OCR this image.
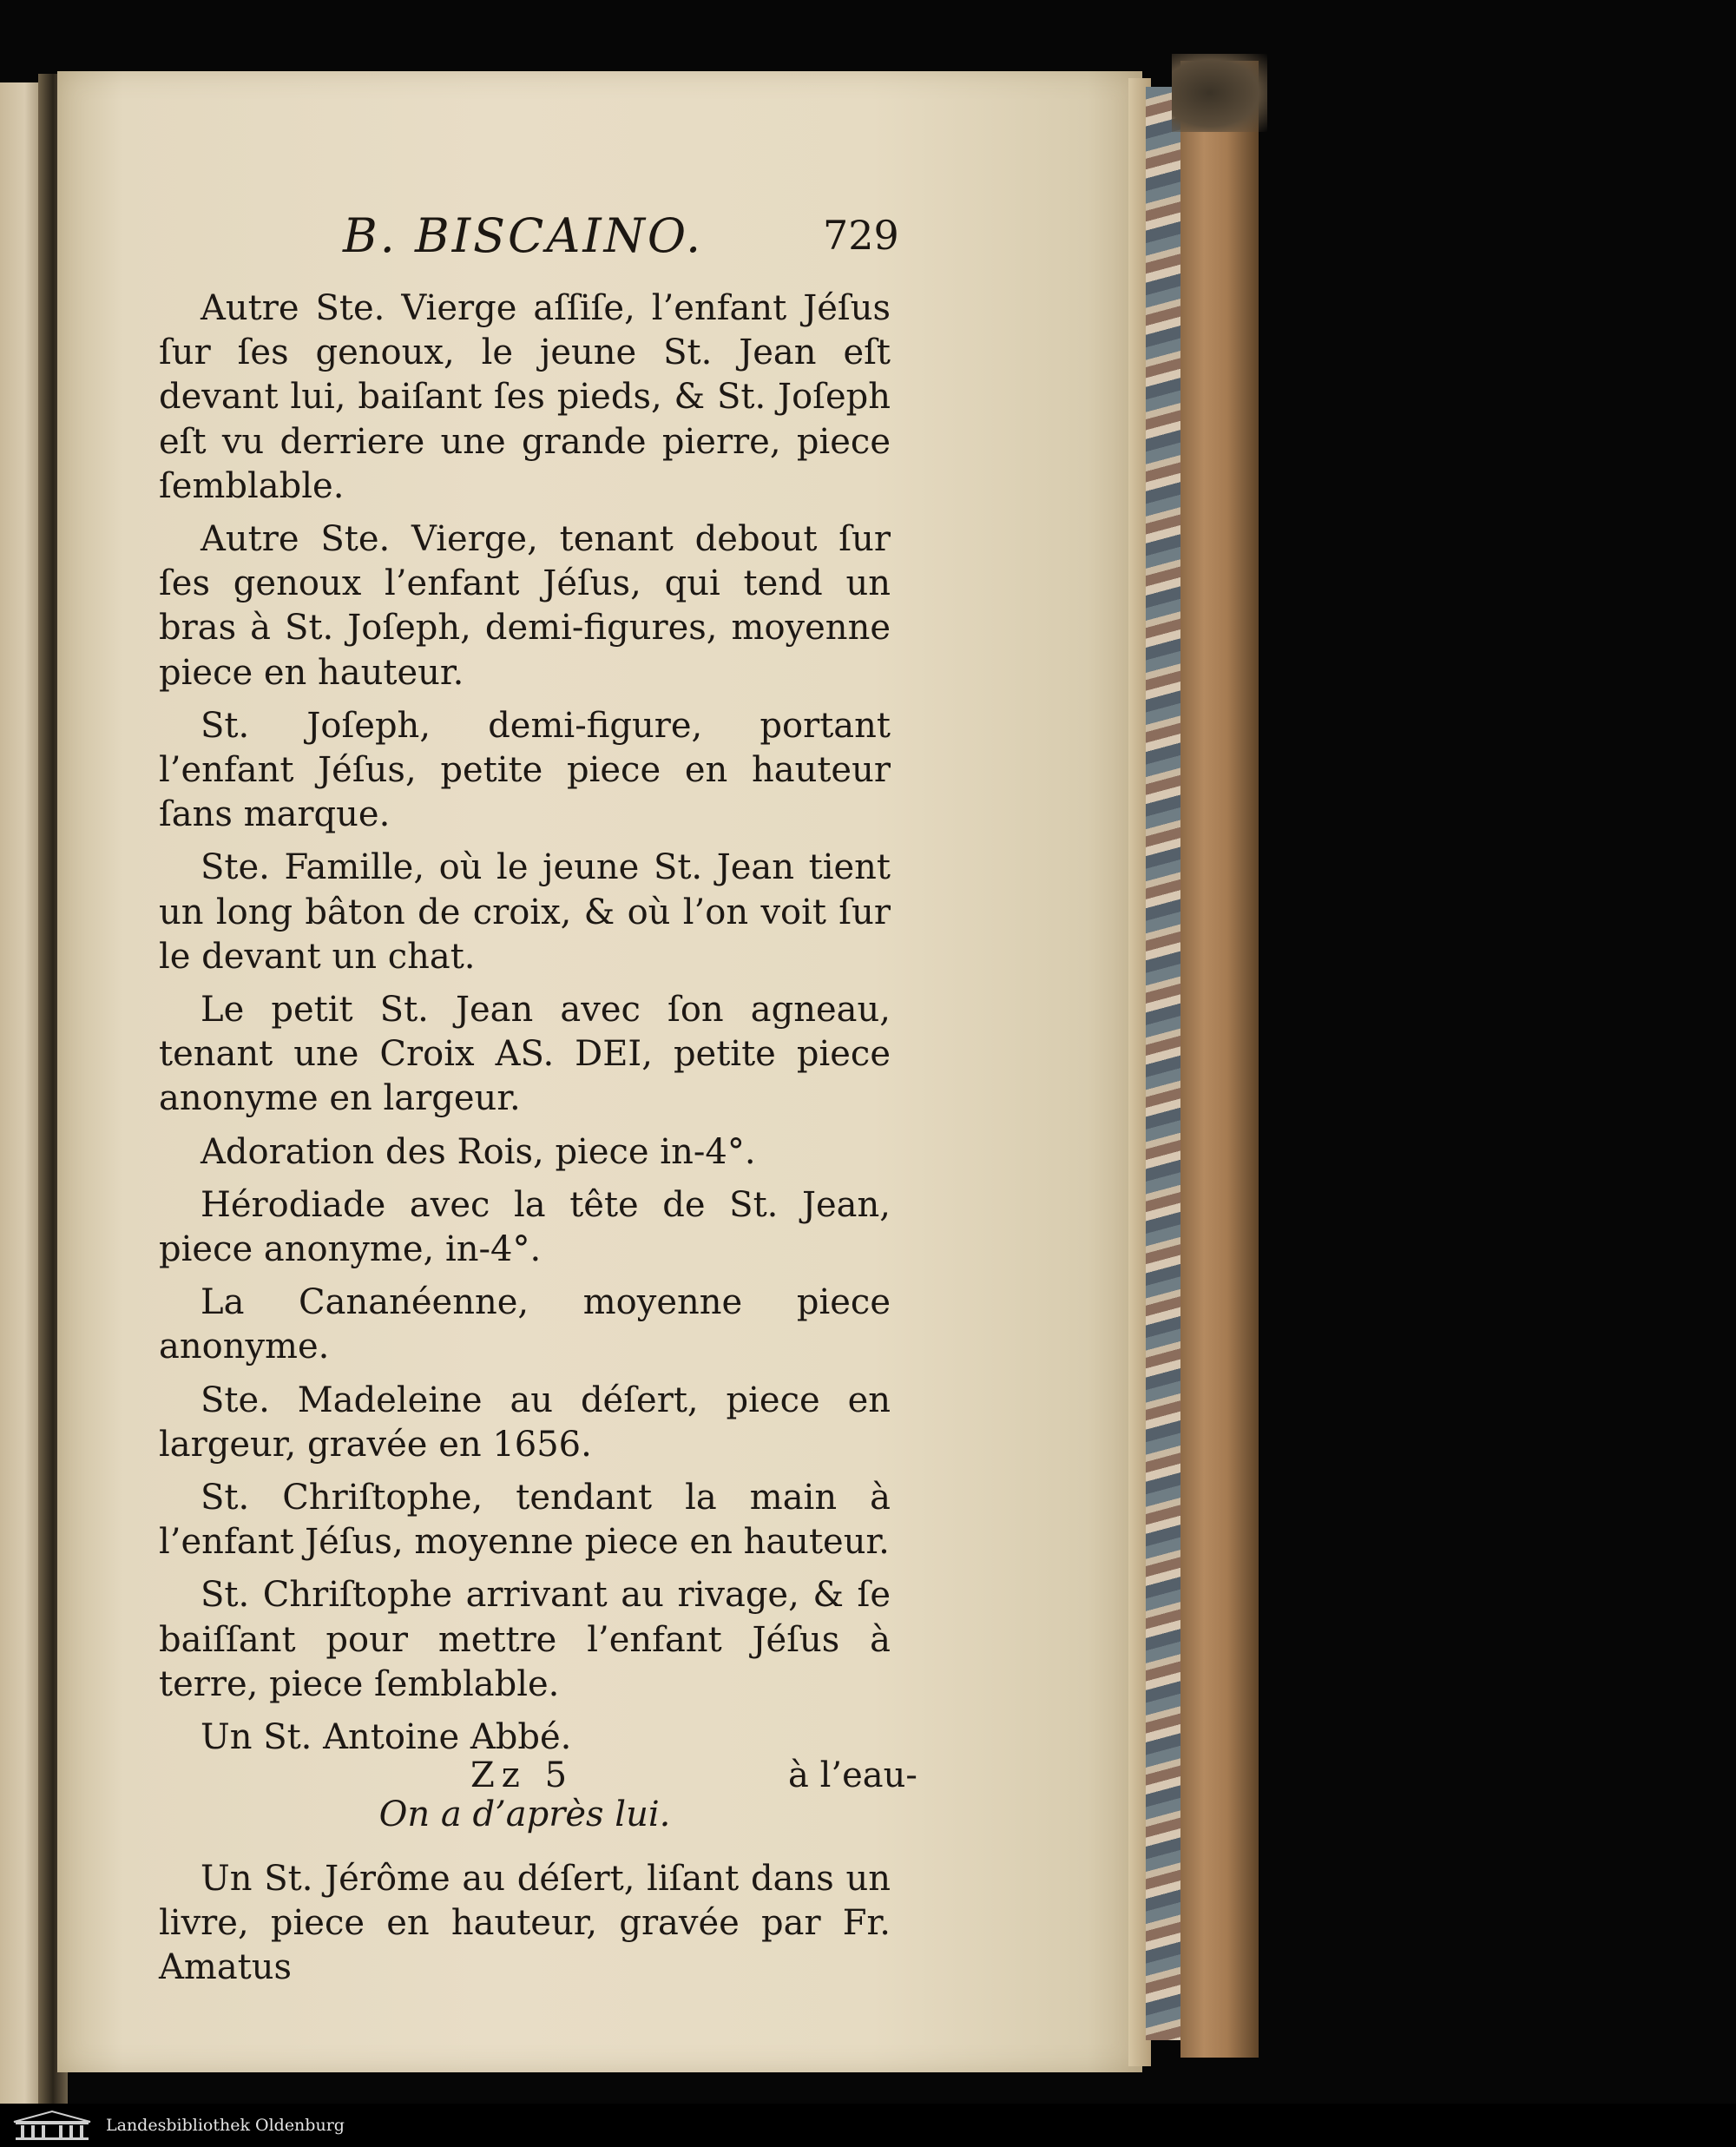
B. BISCAINO.	729

Autre Ste. Vierge aſſiſe, l’enfant Jéſus ſur ſes genoux, le jeune St. Jean eſt devant lui, baiſant ſes pieds, & St. Joſeph eſt vu derriere une grande pierre, piece ſemblable.

Autre Ste. Vierge, tenant debout ſur ſes genoux l’enfant Jéſus, qui tend un bras à St. Joſeph, demi-figures, moyenne piece en hauteur.

St. Joſeph, demi-figure, portant l’enfant Jéſus, petite piece en hauteur ſans marque.

Ste. Famille, où le jeune St. Jean tient un long bâton de croix, & où l’on voit ſur le devant un chat.

Le petit St. Jean avec ſon agneau, tenant une Croix AS. DEI, petite piece anonyme en largeur.

Adoration des Rois, piece in-4°.

Hérodiade avec la tête de St. Jean, piece anonyme, in-4°.

La Cananéenne, moyenne piece anonyme.

Ste. Madeleine au déſert, piece en largeur, gravée en 1656.

St. Chriſtophe, tendant la main à l’enfant Jéſus, moyenne piece en hauteur.

St. Chriſtophe arrivant au rivage, & ſe baiſſant pour mettre l’enfant Jéſus à terre, piece ſemblable.

Un St. Antoine Abbé.

On a d’après lui.

Un St. Jérôme au déſert, liſant dans un livre, piece en hauteur, gravée par Fr. Amatus

Zz 5	à l’eau-
Landesbibliothek Oldenburg
